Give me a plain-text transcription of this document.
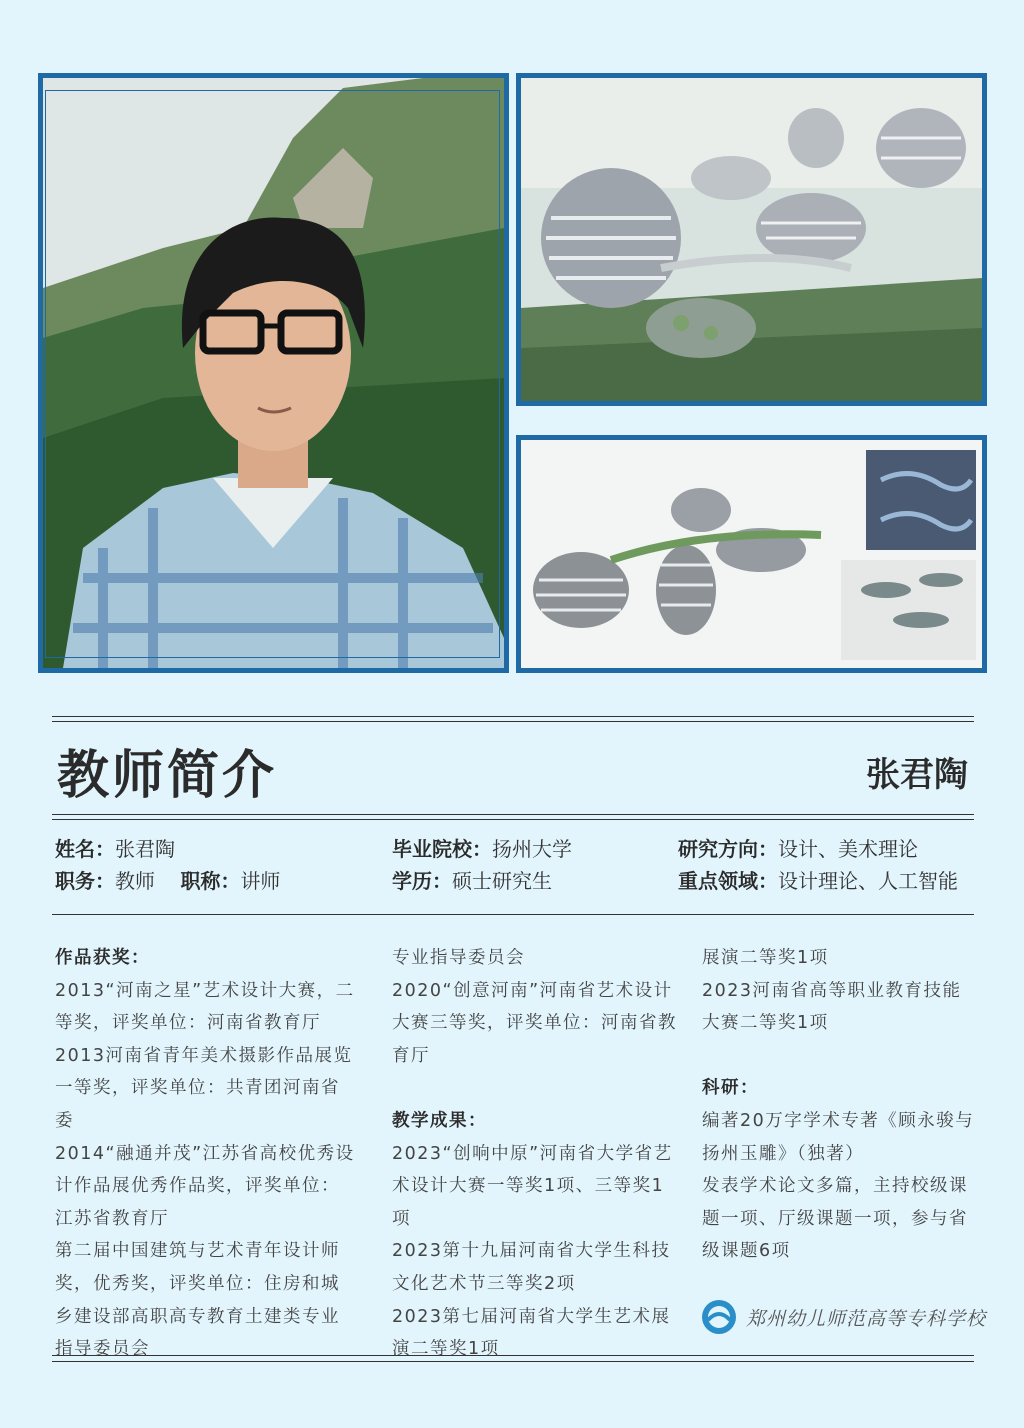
教师简介	张君陶
姓名：张君陶
职务：教师 职称：讲师
毕业院校：扬州大学
学历：硕士研究生
研究方向：设计、美术理论
重点领域：设计理论、人工智能
作品获奖：
2013“河南之星”艺术设计大赛，二等奖，评奖单位：河南省教育厅
2013河南省青年美术摄影作品展览一等奖，评奖单位：共青团河南省委
2014“融通并茂”江苏省高校优秀设计作品展优秀作品奖，评奖单位：江苏省教育厅
第二届中国建筑与艺术青年设计师奖，优秀奖，评奖单位：住房和城乡建设部高职高专教育土建类专业指导委员会
专业指导委员会
2020“创意河南”河南省艺术设计大赛三等奖，评奖单位：河南省教育厅
教学成果：
2023“创响中原”河南省大学省艺术设计大赛一等奖1项、三等奖1项
2023第十九届河南省大学生科技文化艺术节三等奖2项
2023第七届河南省大学生艺术展演二等奖1项
展演二等奖1项
2023河南省高等职业教育技能大赛二等奖1项
科研：
编著20万字学术专著《顾永骏与扬州玉雕》（独著）
发表学术论文多篇，主持校级课题一项、厅级课题一项，参与省级课题6项
郑州幼儿师范高等专科学校
